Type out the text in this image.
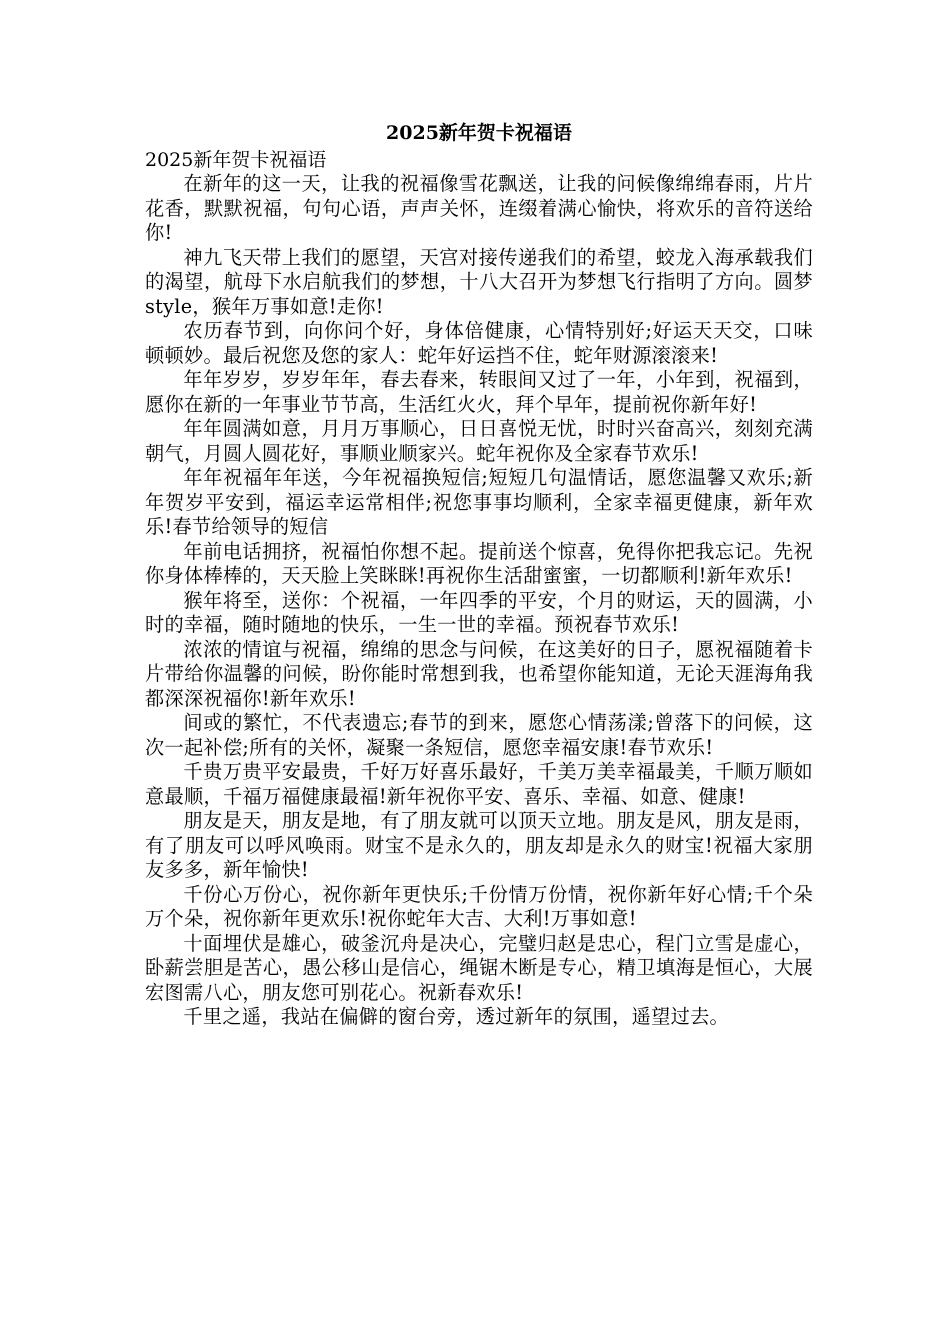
2025新年贺卡祝福语

2025新年贺卡祝福语

在新年的这一天，让我的祝福像雪花飘送，让我的问候像绵绵春雨，片片花香，默默祝福，句句心语，声声关怀，连缀着满心愉快，将欢乐的音符送给你!

神九飞天带上我们的愿望，天宫对接传递我们的希望，蛟龙入海承载我们的渴望，航母下水启航我们的梦想，十八大召开为梦想飞行指明了方向。圆梦style，猴年万事如意!走你!

农历春节到，向你问个好，身体倍健康，心情特别好;好运天天交，口味顿顿妙。最后祝您及您的家人：蛇年好运挡不住，蛇年财源滚滚来!

年年岁岁，岁岁年年，春去春来，转眼间又过了一年，小年到，祝福到，愿你在新的一年事业节节高，生活红火火，拜个早年，提前祝你新年好!

年年圆满如意，月月万事顺心，日日喜悦无忧，时时兴奋高兴，刻刻充满朝气，月圆人圆花好，事顺业顺家兴。蛇年祝你及全家春节欢乐!

年年祝福年年送，今年祝福换短信;短短几句温情话，愿您温馨又欢乐;新年贺岁平安到，福运幸运常相伴;祝您事事均顺利，全家幸福更健康，新年欢乐!春节给领导的短信

年前电话拥挤，祝福怕你想不起。提前送个惊喜，免得你把我忘记。先祝你身体棒棒的，天天脸上笑眯眯!再祝你生活甜蜜蜜，一切都顺利!新年欢乐!

猴年将至，送你：个祝福，一年四季的平安，个月的财运，天的圆满，小时的幸福，随时随地的快乐，一生一世的幸福。预祝春节欢乐!

浓浓的情谊与祝福，绵绵的思念与问候，在这美好的日子，愿祝福随着卡片带给你温馨的问候，盼你能时常想到我，也希望你能知道，无论天涯海角我都深深祝福你!新年欢乐!

间或的繁忙，不代表遗忘;春节的到来，愿您心情荡漾;曾落下的问候，这次一起补偿;所有的关怀，凝聚一条短信，愿您幸福安康!春节欢乐!

千贵万贵平安最贵，千好万好喜乐最好，千美万美幸福最美，千顺万顺如意最顺，千福万福健康最福!新年祝你平安、喜乐、幸福、如意、健康!

朋友是天，朋友是地，有了朋友就可以顶天立地。朋友是风，朋友是雨，有了朋友可以呼风唤雨。财宝不是永久的，朋友却是永久的财宝!祝福大家朋友多多，新年愉快!

千份心万份心，祝你新年更快乐;千份情万份情，祝你新年好心情;千个朵万个朵，祝你新年更欢乐!祝你蛇年大吉、大利!万事如意!

十面埋伏是雄心，破釜沉舟是决心，完璧归赵是忠心，程门立雪是虚心，卧薪尝胆是苦心，愚公移山是信心，绳锯木断是专心，精卫填海是恒心，大展宏图需八心，朋友您可别花心。祝新春欢乐!

千里之遥，我站在偏僻的窗台旁，透过新年的氛围，遥望过去。
